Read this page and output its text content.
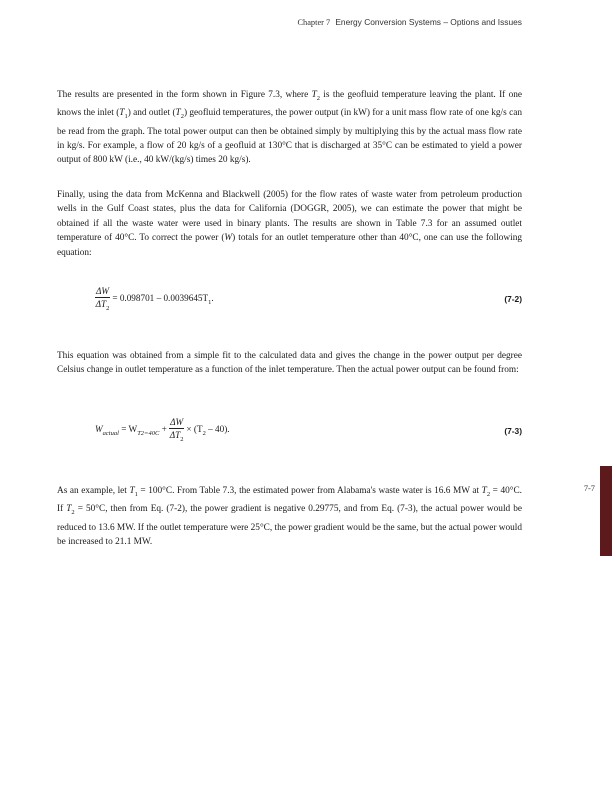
Chapter 7 Energy Conversion Systems – Options and Issues

The results are presented in the form shown in Figure 7.3, where $T_2$ is the geofluid temperature leaving the plant. If one knows the inlet $(T_1)$ and outlet $(T_2)$ geofluid temperatures, the power output (in kW) for a unit mass flow rate of one kg/s can be read from the graph. The total power output can then be obtained simply by multiplying this by the actual mass flow rate in kg/s. For example, a flow of 20 kg/s of a geofluid at 130°C that is discharged at 35°C can be estimated to yield a power output of 800 kW (i.e., 40 kW/(kg/s) times 20 kg/s).

Finally, using the data from McKenna and Blackwell (2005) for the flow rates of waste water from petroleum production wells in the Gulf Coast states, plus the data for California (DOGGR, 2005), we can estimate the power that might be obtained if all the waste water were used in binary plants. The results are shown in Table 7.3 for an assumed outlet temperature of 40°C. To correct the power (W) totals for an outlet temperature other than 40°C, one can use the following equation:

$\frac{\Delta W}{\Delta T_2} = 0.098701 - 0.0039645T_1$.	(7-2)

This equation was obtained from a simple fit to the calculated data and gives the change in the power output per degree Celsius change in outlet temperature as a function of the inlet temperature. Then the actual power output can be found from:

$W_{actual} = W_{T2=40C} + \frac{\Delta W}{\Delta T_2} \times (T_2 - 40)$.	(7-3)

As an example, let $T_1 = 100^\circ C$. From Table 7.3, the estimated power from Alabama's waste water is 16.6 MW at $T_2 = 40^\circ C$. If $T_2 = 50^\circ C$, then from Eq. (7-2), the power gradient is negative 0.29775, and from Eq. (7-3), the actual power would be reduced to 13.6 MW. If the outlet temperature were 25°C, the power gradient would be the same, but the actual power would be increased to 21.1 MW.

7-7
